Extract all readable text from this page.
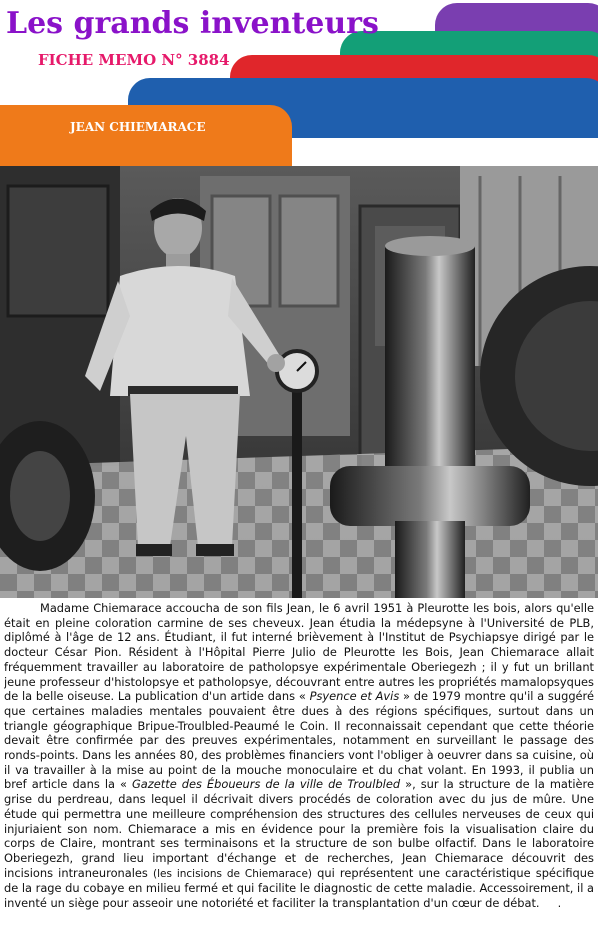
Les grands inventeurs
FICHE MEMO N° 3884
JEAN CHIEMARACE

Madame Chiemarace accoucha de son fils Jean, le 6 avril 1951 à Pleurotte les bois, alors qu'elle était en pleine coloration carmine de ses cheveux. Jean étudia la médepsyne à l'Université de PLB, diplômé à l'âge de 12 ans. Étudiant, il fut interné brièvement à l'Institut de Psychiapsye dirigé par le docteur César Pion. Résident à l'Hôpital Pierre Julio de Pleurotte les Bois, Jean Chiemarace allait fréquemment travailler au laboratoire de patholopsye expérimentale Oberiegezh ; il y fut un brillant jeune professeur d'histolopsye et patholopsye, découvrant entre autres les propriétés mamalopsyques de la belle oiseuse. La publication d'un artide dans « Psyence et Avis » de 1979 montre qu'il a suggéré que certaines maladies mentales pouvaient être dues à des régions spécifiques, surtout dans un triangle géographique Bripue-Troulbled-Peaumé le Coin. Il reconnaissait cependant que cette théorie devait être confirmée par des preuves expérimentales, notamment en surveillant le passage des ronds-points. Dans les années 80, des problèmes financiers vont l'obliger à oeuvrer dans sa cuisine, où il va travailler à la mise au point de la mouche monoculaire et du chat volant. En 1993, il publia un bref article dans la « Gazette des Éboueurs de la ville de Troulbled », sur la structure de la matière grise du perdreau, dans lequel il décrivait divers procédés de coloration avec du jus de mûre. Une étude qui permettra une meilleure compréhension des structures des cellules nerveuses de ceux qui injuriaient son nom. Chiemarace a mis en évidence pour la première fois la visualisation claire du corps de Claire, montrant ses terminaisons et la structure de son bulbe olfactif. Dans le laboratoire Oberiegezh, grand lieu important d'échange et de recherches, Jean Chiemarace découvrit des incisions intraneuronales (les incisions de Chiemarace) qui représentent une caractéristique spécifique de la rage du cobaye en milieu fermé et qui facilite le diagnostic de cette maladie. Accessoirement, il a inventé un siège pour asseoir une notoriété et faciliter la transplantation d'un cœur de débat. .
